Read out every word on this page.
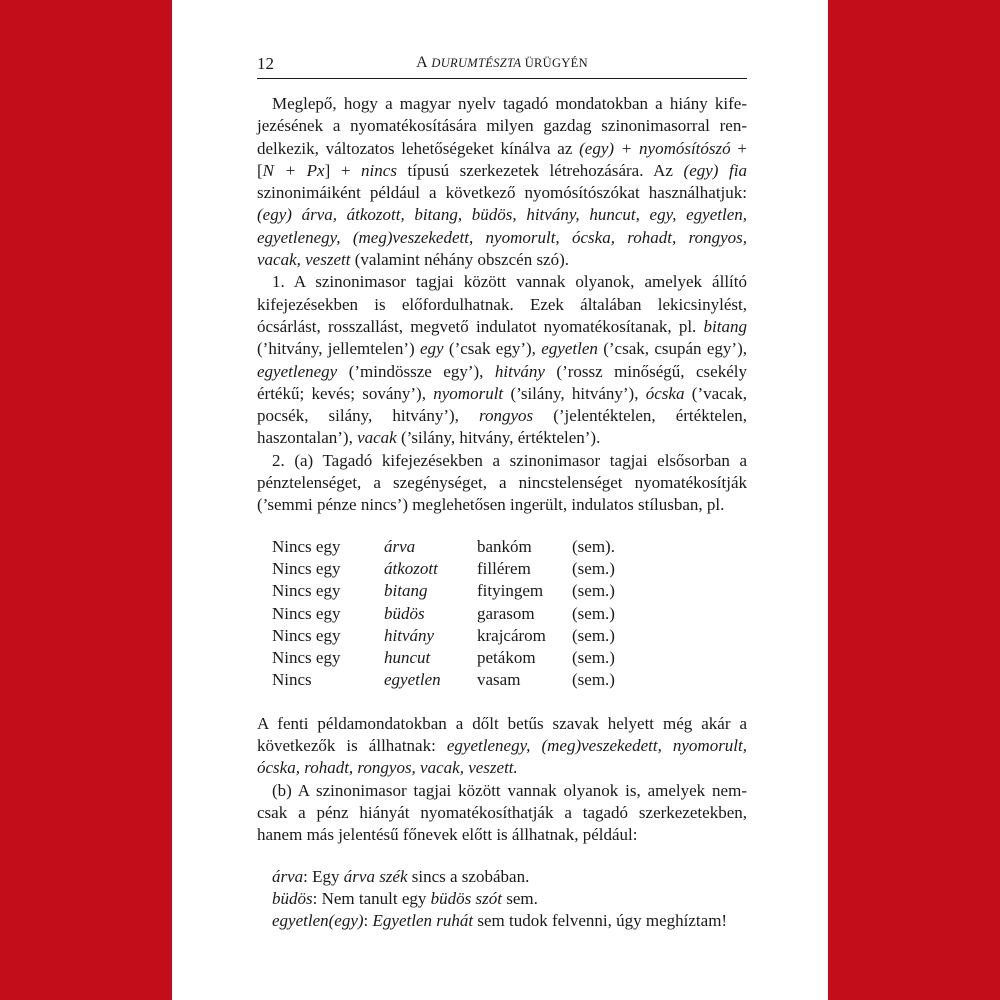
12	A DURUMTÉSZTA ÜRÜGYÉN

Meglepő, hogy a magyar nyelv tagadó mondatokban a hiány kifejezésének a nyomatékosítására milyen gazdag szinonimasorral rendelkezik, változatos lehetőségeket kínálva az (egy) + nyomósítószó + [N + Px] + nincs típusú szerkezetek létrehozására. Az (egy) fia szinonimáiként például a következő nyomósítószókat használhatjuk: (egy) árva, átkozott, bitang, büdös, hitvány, huncut, egy, egyetlen, egyetlenegy, (meg)veszekedett, nyomorult, ócska, rohadt, rongyos, vacak, veszett (valamint néhány obszcén szó).

1. A szinonimasor tagjai között vannak olyanok, amelyek állító kifejezésekben is előfordulhatnak. Ezek általában lekicsinylést, ócsárlást, rosszallást, megvető indulatot nyomatékosítanak, pl. bitang (’hitvány, jellemtelen’) egy (’csak egy’), egyetlen (’csak, csupán egy’), egyetlenegy (’mindössze egy’), hitvány (’rossz minőségű, csekély értékű; kevés; sovány’), nyomorult (’silány, hitvány’), ócska (’vacak, pocsék, silány, hitvány’), rongyos (’jelentéktelen, értéktelen, haszontalan’), vacak (’silány, hitvány, értéktelen’).

2. (a) Tagadó kifejezésekben a szinonimasor tagjai elsősorban a pénztelenséget, a szegénységet, a nincstelenséget nyomatékosítják (’semmi pénze nincs’) meglehetősen ingerült, indulatos stílusban, pl.

Nincs egy	árva	bankóm	(sem).
Nincs egy	átkozott	fillérem	(sem.)
Nincs egy	bitang	fityingem	(sem.)
Nincs egy	büdös	garasom	(sem.)
Nincs egy	hitvány	krajcárom	(sem.)
Nincs egy	huncut	petákom	(sem.)
Nincs	egyetlen	vasam	(sem.)

A fenti példamondatokban a dőlt betűs szavak helyett még akár a következők is állhatnak: egyetlenegy, (meg)veszekedett, nyomorult, ócska, rohadt, rongyos, vacak, veszett.

(b) A szinonimasor tagjai között vannak olyanok is, amelyek nemcsak a pénz hiányát nyomatékosíthatják a tagadó szerkezetekben, hanem más jelentésű főnevek előtt is állhatnak, például:

árva: Egy árva szék sincs a szobában.
büdös: Nem tanult egy büdös szót sem.
egyetlen(egy): Egyetlen ruhát sem tudok felvenni, úgy meghíztam!
